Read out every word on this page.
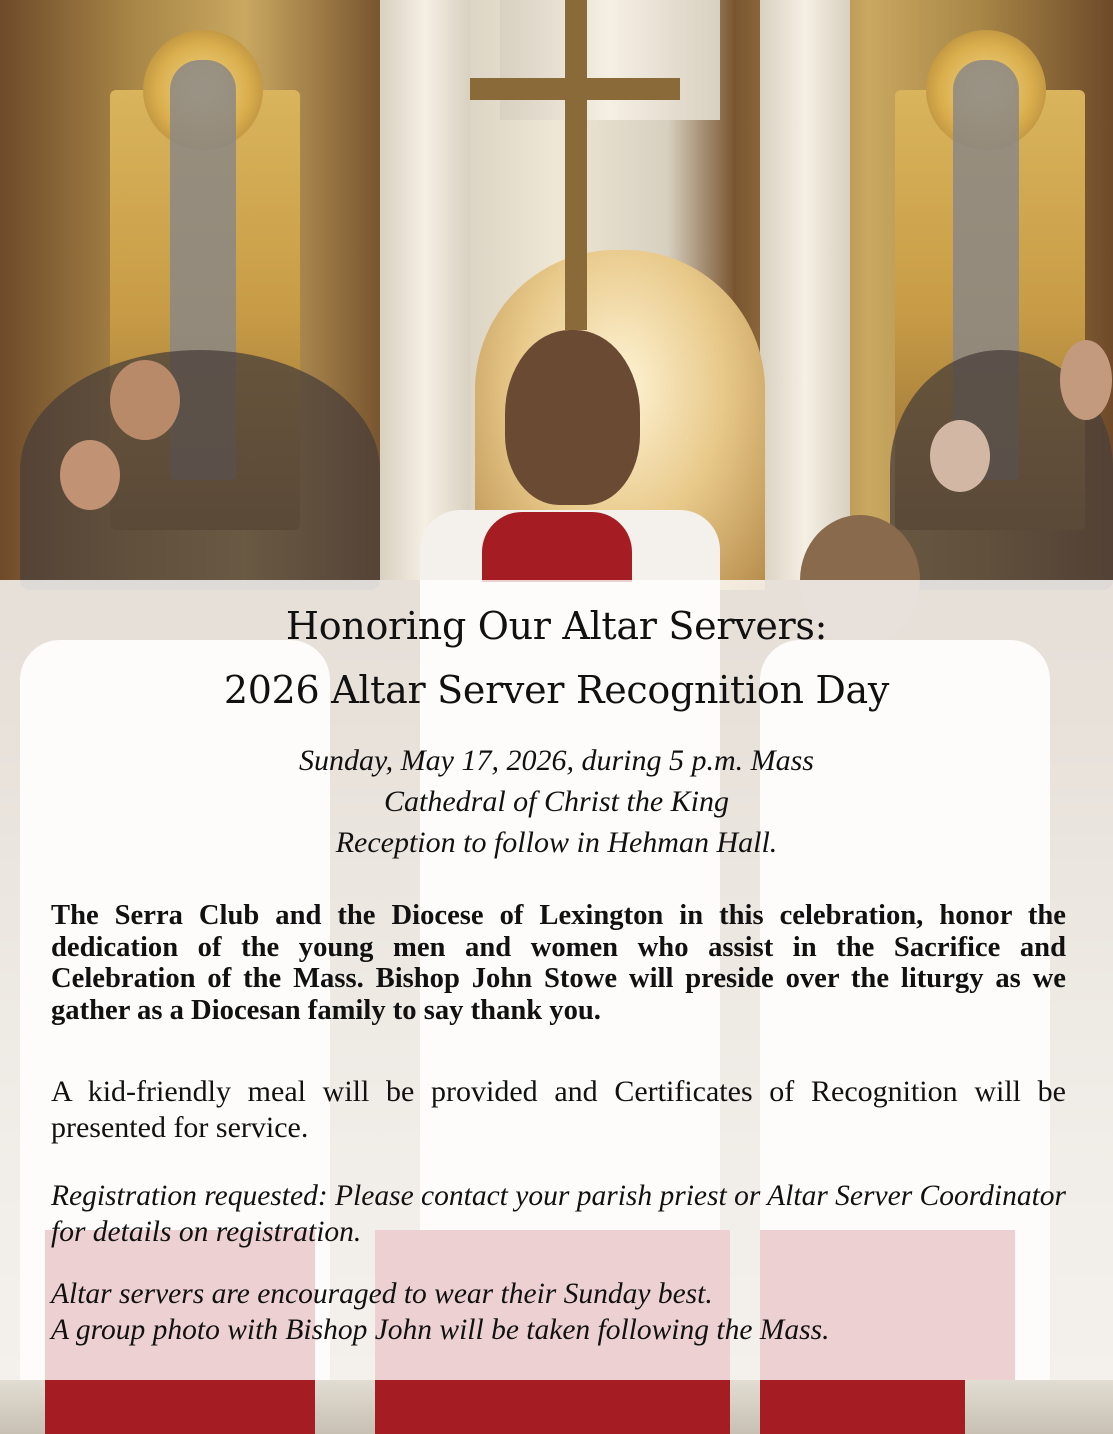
Honoring Our Altar Servers:
2026 Altar Server Recognition Day
Sunday, May 17, 2026, during 5 p.m. Mass
Cathedral of Christ the King
Reception to follow in Hehman Hall.
The Serra Club and the Diocese of Lexington in this celebration, honor the dedication of the young men and women who assist in the Sacrifice and Celebration of the Mass. Bishop John Stowe will preside over the liturgy as we gather as a Diocesan family to say thank you.
A kid-friendly meal will be provided and Certificates of Recognition will be presented for service.
Registration requested: Please contact your parish priest or Altar Server Coordinator for details on registration.
Altar servers are encouraged to wear their Sunday best.
A group photo with Bishop John will be taken following the Mass.
